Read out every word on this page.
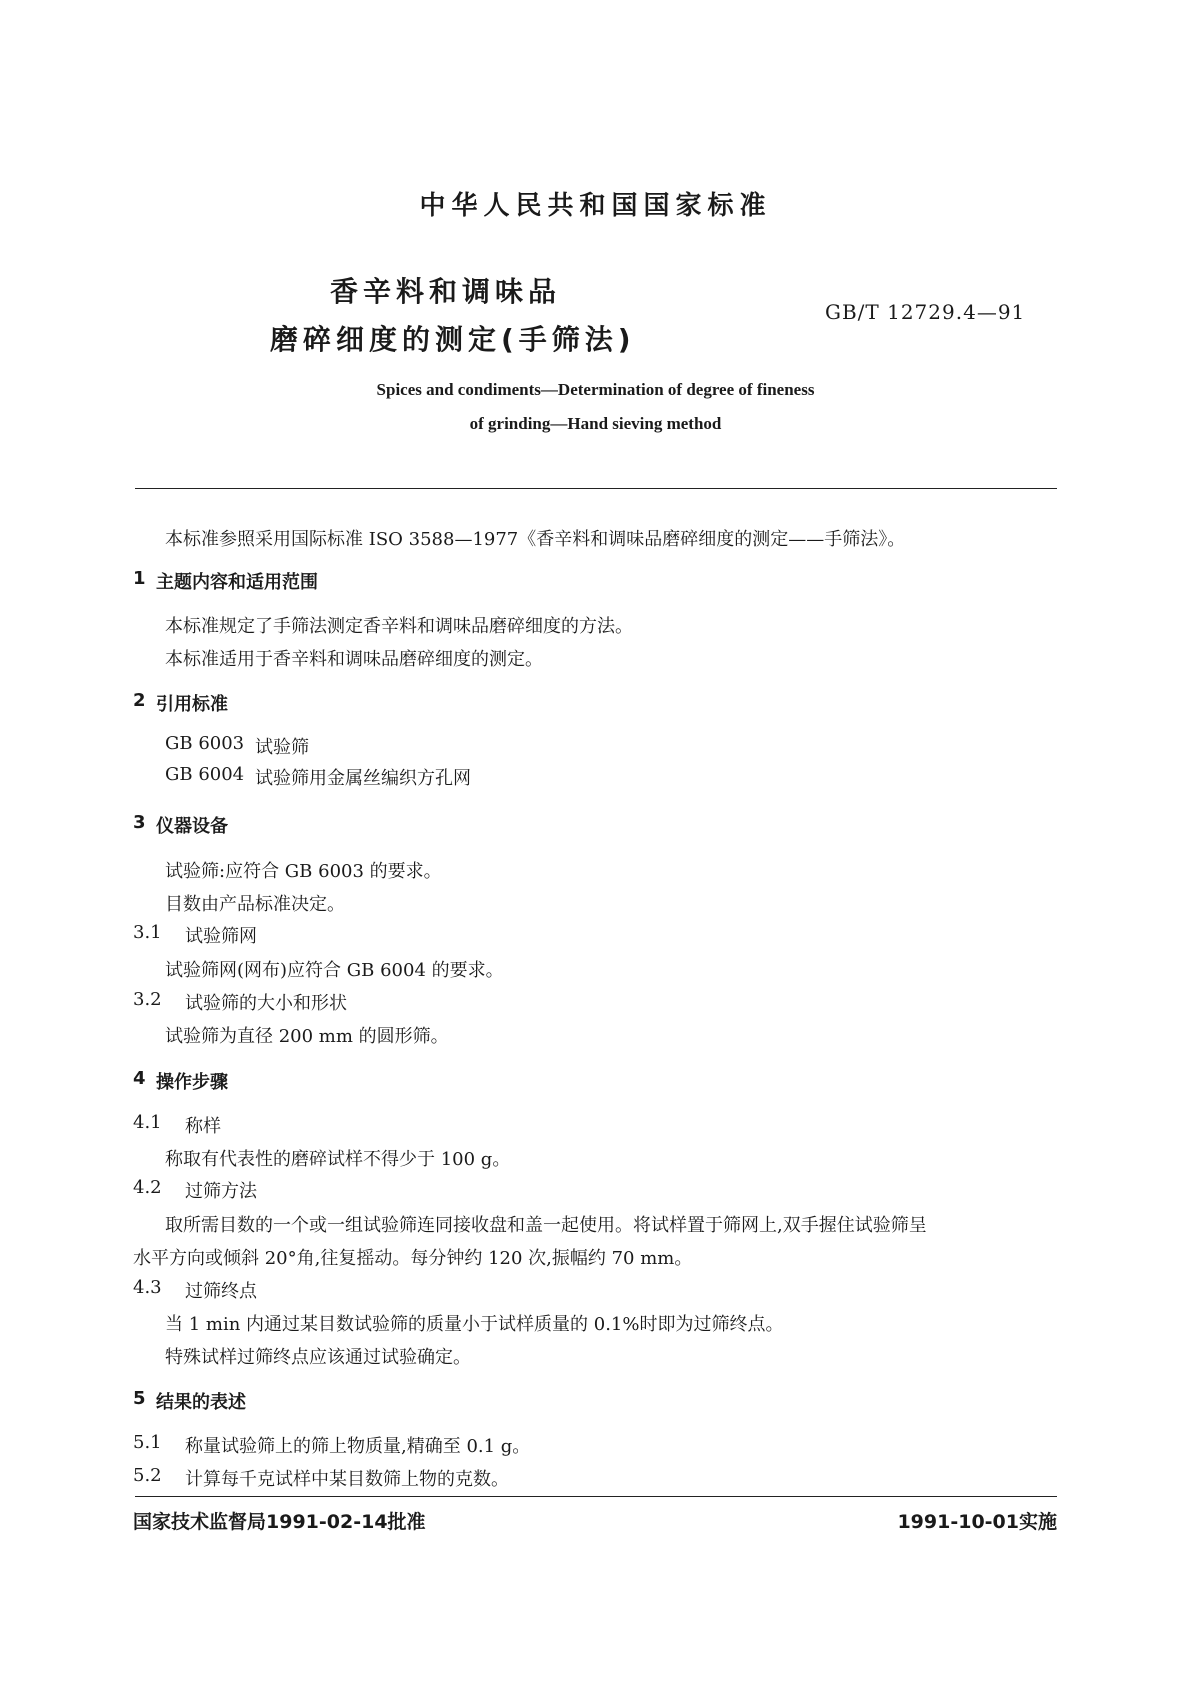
中华人民共和国国家标准
香辛料和调味品
磨碎细度的测定(手筛法)
GB/T 12729.4—91
Spices and condiments—Determination of degree of fineness
of grinding—Hand sieving method
本标准参照采用国际标准 ISO 3588—1977《香辛料和调味品磨碎细度的测定——手筛法》。
1 主题内容和适用范围
本标准规定了手筛法测定香辛料和调味品磨碎细度的方法。
本标准适用于香辛料和调味品磨碎细度的测定。
2 引用标准
GB 6003 试验筛
GB 6004 试验筛用金属丝编织方孔网
3 仪器设备
试验筛:应符合 GB 6003 的要求。
目数由产品标准决定。
3.1 试验筛网
试验筛网(网布)应符合 GB 6004 的要求。
3.2 试验筛的大小和形状
试验筛为直径 200 mm 的圆形筛。
4 操作步骤
4.1 称样
称取有代表性的磨碎试样不得少于 100 g。
4.2 过筛方法
取所需目数的一个或一组试验筛连同接收盘和盖一起使用。将试样置于筛网上,双手握住试验筛呈
水平方向或倾斜 20°角,往复摇动。每分钟约 120 次,振幅约 70 mm。
4.3 过筛终点
当 1 min 内通过某目数试验筛的质量小于试样质量的 0.1%时即为过筛终点。
特殊试样过筛终点应该通过试验确定。
5 结果的表述
5.1 称量试验筛上的筛上物质量,精确至 0.1 g。
5.2 计算每千克试样中某目数筛上物的克数。
国家技术监督局1991-02-14批准	1991-10-01实施
